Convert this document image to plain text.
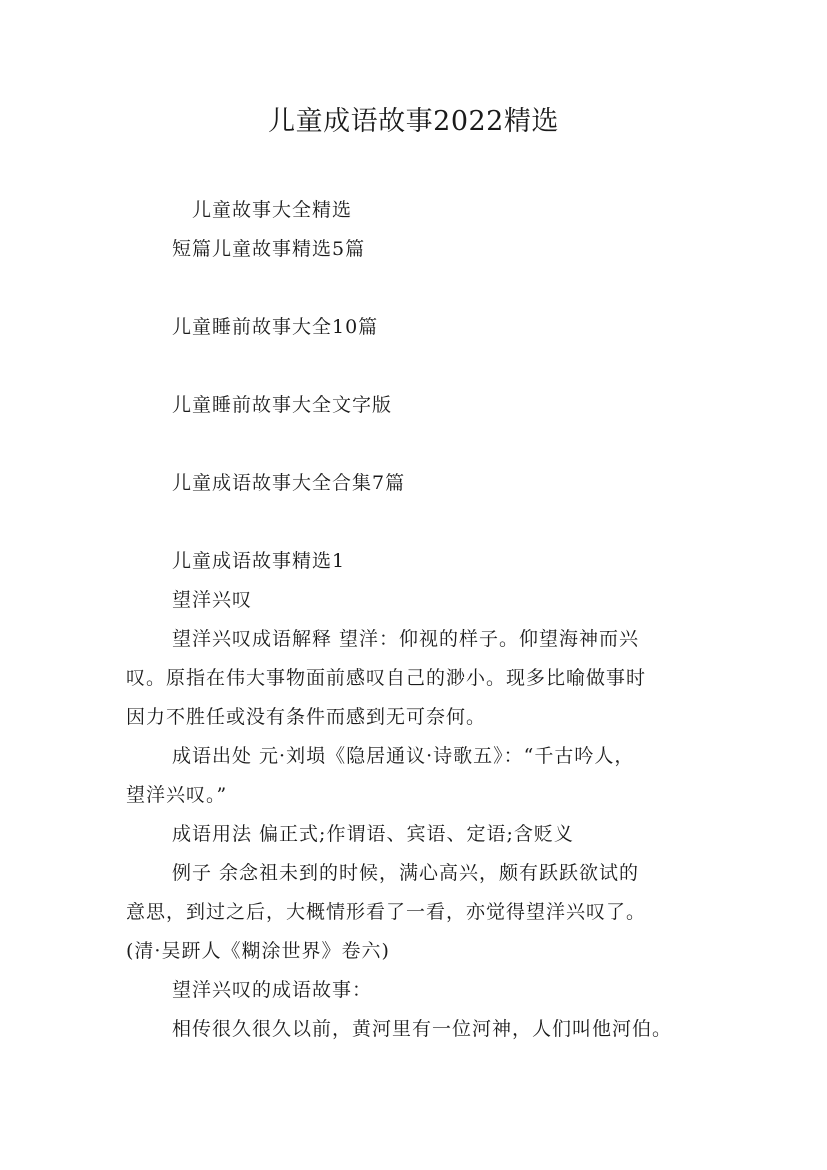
儿童成语故事2022精选
儿童故事大全精选
短篇儿童故事精选5篇
儿童睡前故事大全10篇
儿童睡前故事大全文字版
儿童成语故事大全合集7篇
儿童成语故事精选1
望洋兴叹
望洋兴叹成语解释 望洋：仰视的样子。仰望海神而兴
叹。原指在伟大事物面前感叹自己的渺小。现多比喻做事时
因力不胜任或没有条件而感到无可奈何。
成语出处 元·刘埙《隐居通议·诗歌五》：“千古吟人，
望洋兴叹。”
成语用法 偏正式;作谓语、宾语、定语;含贬义
例子 余念祖未到的时候，满心高兴，颇有跃跃欲试的
意思，到过之后，大概情形看了一看，亦觉得望洋兴叹了。
(清·吴趼人《糊涂世界》卷六)
望洋兴叹的成语故事：
相传很久很久以前，黄河里有一位河神，人们叫他河伯。
